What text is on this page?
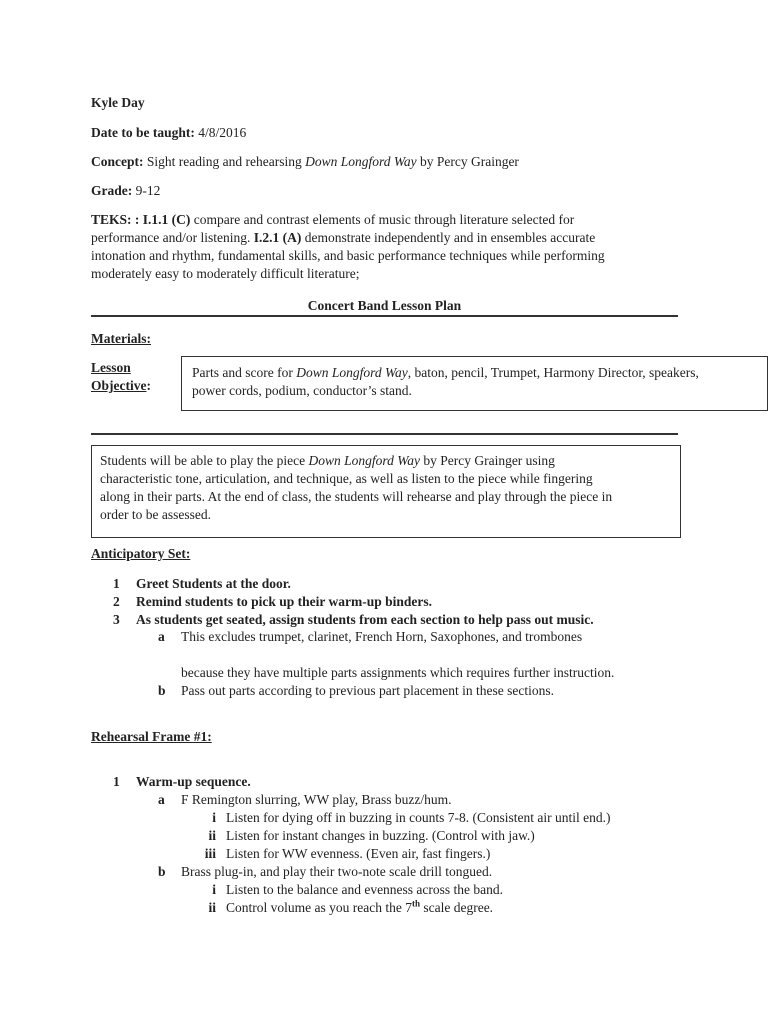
Kyle Day
Date to be taught: 4/8/2016
Concept: Sight reading and rehearsing Down Longford Way by Percy Grainger
Grade: 9-12
TEKS: : I.1.1 (C) compare and contrast elements of music through literature selected for
performance and/or listening. I.2.1 (A) demonstrate independently and in ensembles accurate
intonation and rhythm, fundamental skills, and basic performance techniques while performing
moderately easy to moderately difficult literature;
Concert Band Lesson Plan
Materials:
Lesson
Objective:
Parts and score for Down Longford Way, baton, pencil, Trumpet, Harmony Director, speakers,
power cords, podium, conductor’s stand.
Students will be able to play the piece Down Longford Way by Percy Grainger using
characteristic tone, articulation, and technique, as well as listen to the piece while fingering
along in their parts. At the end of class, the students will rehearse and play through the piece in
order to be assessed.
Anticipatory Set:
1 Greet Students at the door.
2 Remind students to pick up their warm-up binders.
3 As students get seated, assign students from each section to help pass out music.
a This excludes trumpet, clarinet, French Horn, Saxophones, and trombones
because they have multiple parts assignments which requires further instruction.
b Pass out parts according to previous part placement in these sections.
Rehearsal Frame #1:
1 Warm-up sequence.
a F Remington slurring, WW play, Brass buzz/hum.
i Listen for dying off in buzzing in counts 7-8. (Consistent air until end.)
ii Listen for instant changes in buzzing. (Control with jaw.)
iii Listen for WW evenness. (Even air, fast fingers.)
b Brass plug-in, and play their two-note scale drill tongued.
i Listen to the balance and evenness across the band.
ii Control volume as you reach the 7th scale degree.
